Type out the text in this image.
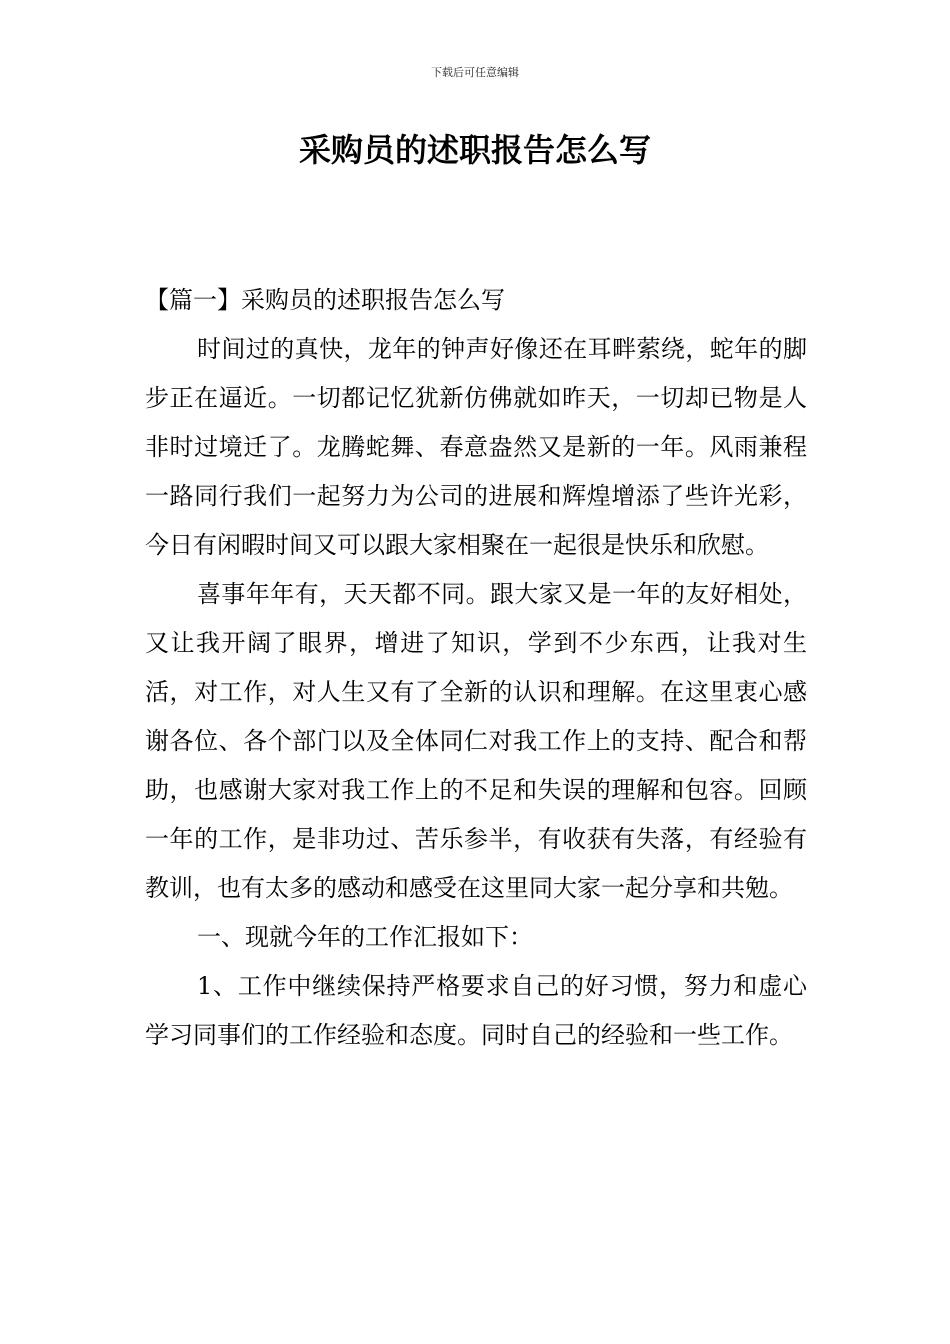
下载后可任意编辑
采购员的述职报告怎么写

【篇一】采购员的述职报告怎么写

时间过的真快，龙年的钟声好像还在耳畔萦绕，蛇年的脚步正在逼近。一切都记忆犹新仿佛就如昨天，一切却已物是人非时过境迁了。龙腾蛇舞、春意盎然又是新的一年。风雨兼程一路同行我们一起努力为公司的进展和辉煌增添了些许光彩，今日有闲暇时间又可以跟大家相聚在一起很是快乐和欣慰。

喜事年年有，天天都不同。跟大家又是一年的友好相处，又让我开阔了眼界，增进了知识，学到不少东西，让我对生活，对工作，对人生又有了全新的认识和理解。在这里衷心感谢各位、各个部门以及全体同仁对我工作上的支持、配合和帮助，也感谢大家对我工作上的不足和失误的理解和包容。回顾一年的工作，是非功过、苦乐参半，有收获有失落，有经验有教训，也有太多的感动和感受在这里同大家一起分享和共勉。

一、现就今年的工作汇报如下：

1、工作中继续保持严格要求自己的好习惯，努力和虚心学习同事们的工作经验和态度。同时自己的经验和一些工作。
